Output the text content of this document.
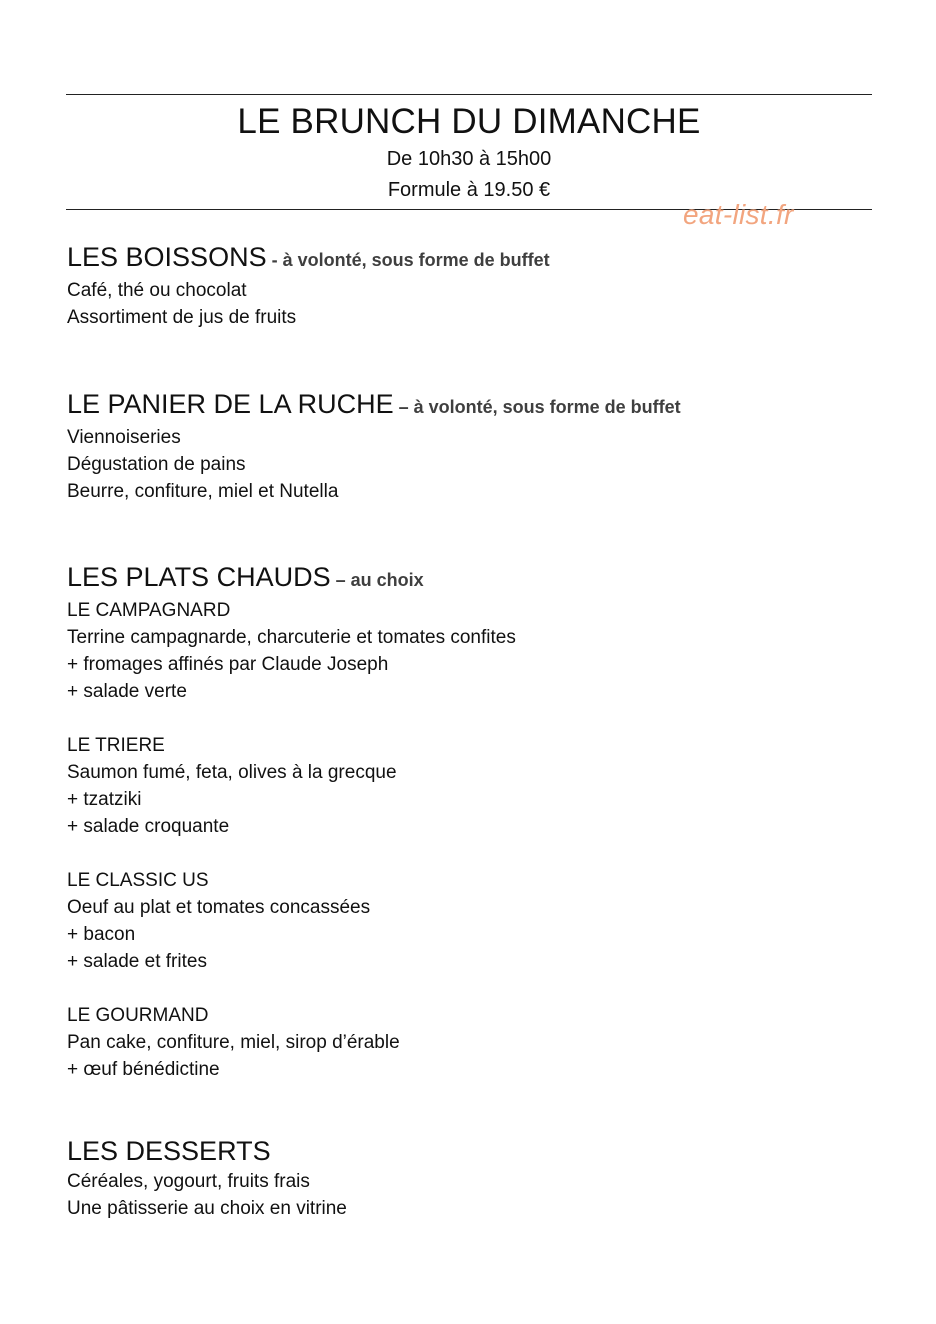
LE BRUNCH DU DIMANCHE
De 10h30 à 15h00
Formule à 19.50 €
eat-list.fr
LES BOISSONS - à volonté, sous forme de buffet
Café, thé ou chocolat
Assortiment de jus de fruits
LE PANIER DE LA RUCHE – à volonté, sous forme de buffet
Viennoiseries
Dégustation de pains
Beurre, confiture, miel et Nutella
LES PLATS CHAUDS – au choix
LE CAMPAGNARD
Terrine campagnarde, charcuterie et tomates confites
+ fromages affinés par Claude Joseph
+ salade verte
LE TRIERE
Saumon fumé, feta, olives à la grecque
+ tzatziki
+ salade croquante
LE CLASSIC US
Oeuf au plat et tomates concassées
+ bacon
+ salade et frites
LE GOURMAND
Pan cake, confiture, miel, sirop d’érable
+ œuf bénédictine
LES DESSERTS
Céréales, yogourt, fruits frais
Une pâtisserie au choix en vitrine
